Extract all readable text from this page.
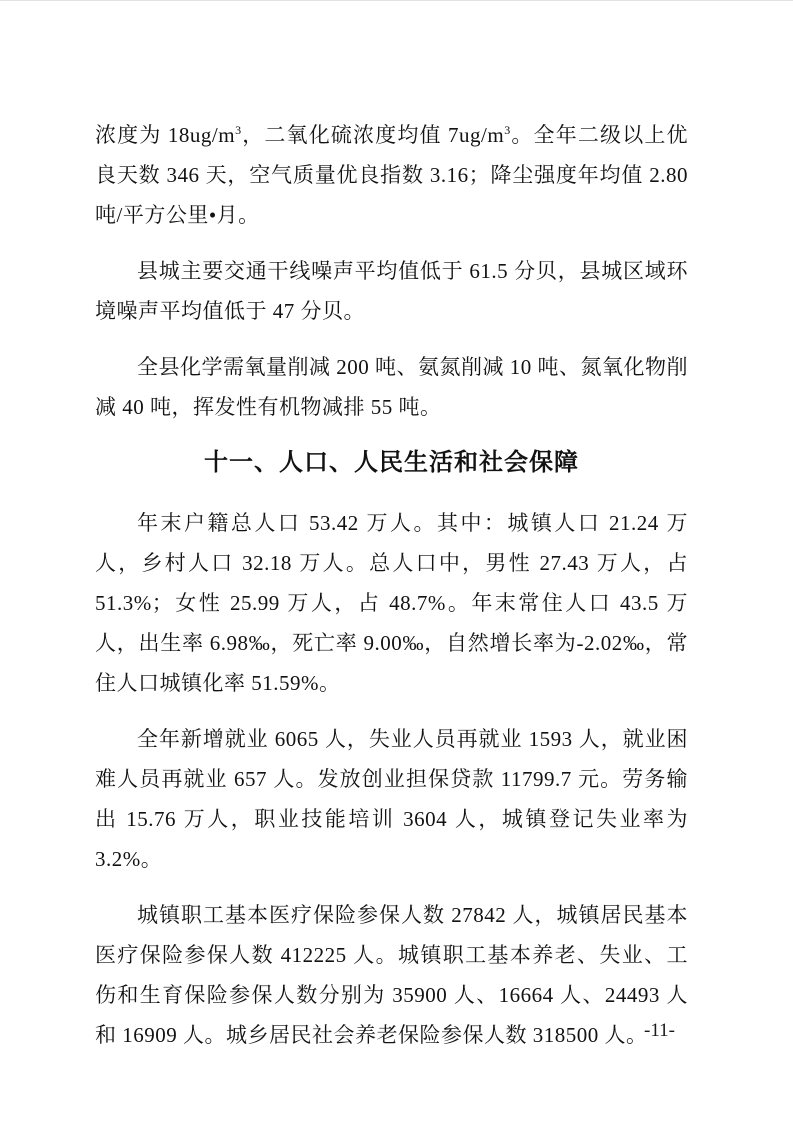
浓度为 $18ug/m^3$，二氧化硫浓度均值 $7ug/m^3$。全年二级以上优良天数 346 天，空气质量优良指数 3.16；降尘强度年均值 2.80 吨/平方公里•月。

县城主要交通干线噪声平均值低于 61.5 分贝，县城区域环境噪声平均值低于 47 分贝。

全县化学需氧量削减 200 吨、氨氮削减 10 吨、氮氧化物削减 40 吨，挥发性有机物减排 55 吨。

十一、人口、人民生活和社会保障

年末户籍总人口 53.42 万人。其中：城镇人口 21.24 万人，乡村人口 32.18 万人。总人口中，男性 27.43 万人，占 51.3%；女性 25.99 万人，占 48.7%。年末常住人口 43.5 万人，出生率 6.98‰，死亡率 9.00‰，自然增长率为-2.02‰，常住人口城镇化率 51.59%。

全年新增就业 6065 人，失业人员再就业 1593 人，就业困难人员再就业 657 人。发放创业担保贷款 11799.7 元。劳务输出 15.76 万人，职业技能培训 3604 人，城镇登记失业率为 3.2%。

城镇职工基本医疗保险参保人数 27842 人，城镇居民基本医疗保险参保人数 412225 人。城镇职工基本养老、失业、工伤和生育保险参保人数分别为 35900 人、16664 人、24493 人和 16909 人。城乡居民社会养老保险参保人数 318500 人。

-11-
